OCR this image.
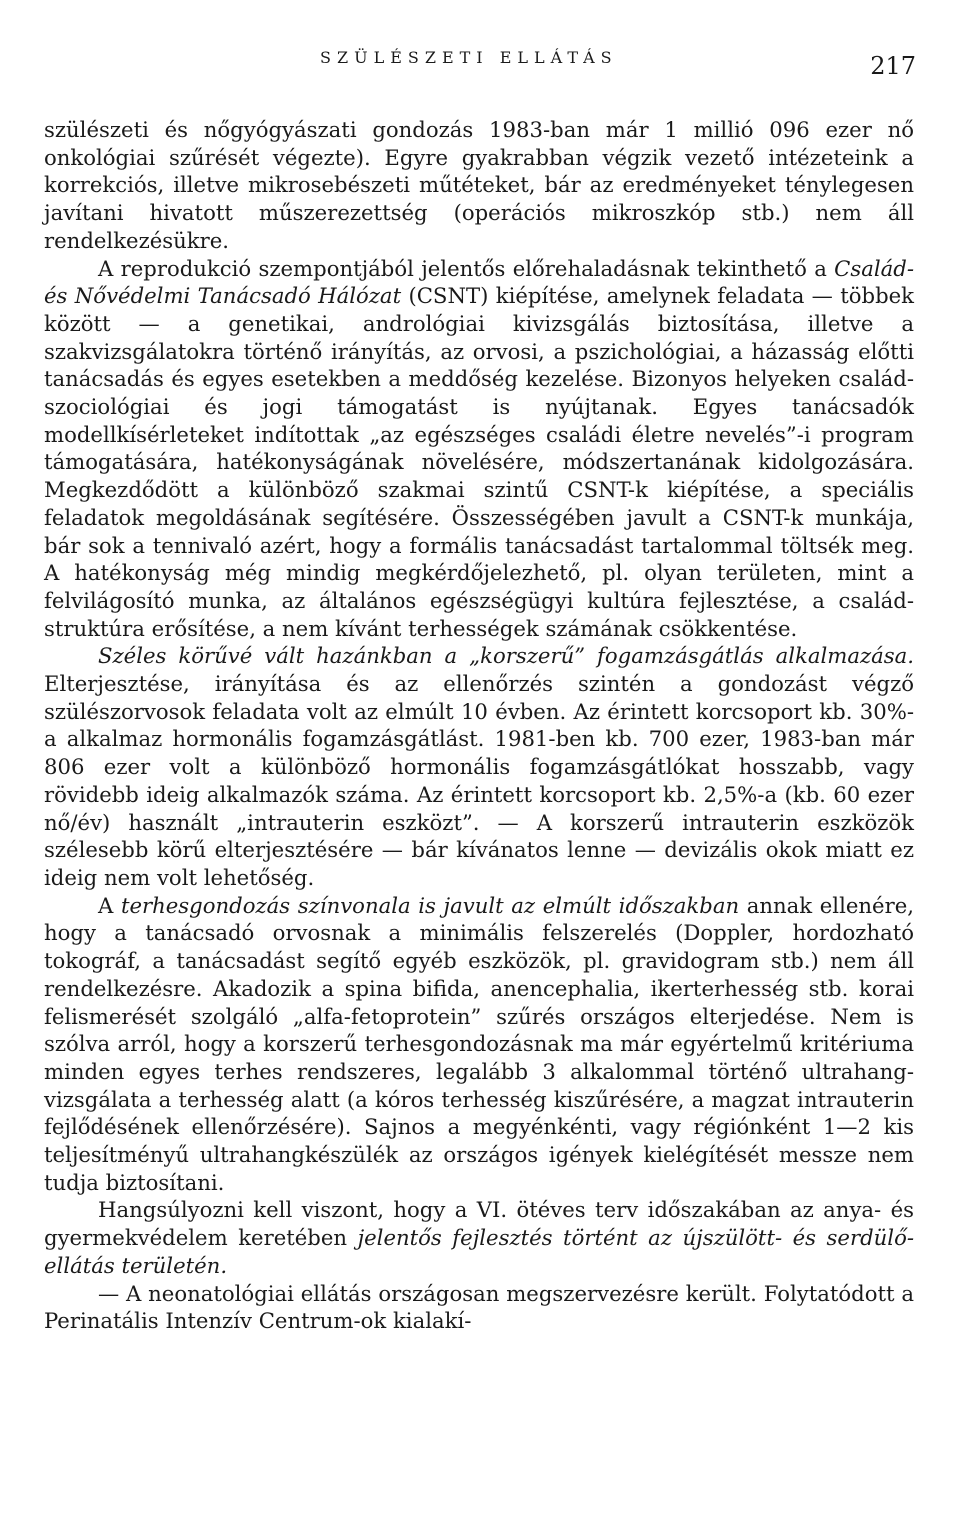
SZÜLÉSZETI ELLÁTÁS	217

szülészeti és nőgyógyászati gondozás 1983-ban már 1 millió 096 ezer nő onkológiai szűrését végezte). Egyre gyakrabban végzik vezető intézeteink a korrekciós, illetve mikrosebészeti műtéteket, bár az eredményeket ténylegesen javítani hivatott műszerezettség (operációs mikroszkóp stb.) nem áll rendelkezésükre.

A reprodukció szempontjából jelentős előrehaladásnak tekinthető a Család- és Nővédelmi Tanácsadó Hálózat (CSNT) kiépítése, amelynek feladata — többek között — a genetikai, andrológiai kivizsgálás biztosítása, illetve a szakvizsgálatokra történő irányítás, az orvosi, a pszichológiai, a házasság előtti tanácsadás és egyes esetekben a meddőség kezelése. Bizonyos helyeken család-szociológiai és jogi támogatást is nyújtanak. Egyes tanácsadók modellkísérleteket indítottak „az egészséges családi életre nevelés”-i program támogatására, hatékonyságának növelésére, módszertanának kidolgozására. Megkezdődött a különböző szakmai szintű CSNT-k kiépítése, a speciális feladatok megoldásának segítésére. Összességében javult a CSNT-k munkája, bár sok a tennivaló azért, hogy a formális tanácsadást tartalommal töltsék meg. A hatékonyság még mindig megkérdőjelezhető, pl. olyan területen, mint a felvilágosító munka, az általános egészségügyi kultúra fejlesztése, a család-struktúra erősítése, a nem kívánt terhességek számának csökkentése.

Széles körűvé vált hazánkban a „korszerű” fogamzásgátlás alkalmazása. Elterjesztése, irányítása és az ellenőrzés szintén a gondozást végző szülészorvosok feladata volt az elmúlt 10 évben. Az érintett korcsoport kb. 30%-a alkalmaz hormonális fogamzásgátlást. 1981-ben kb. 700 ezer, 1983-ban már 806 ezer volt a különböző hormonális fogamzásgátlókat hosszabb, vagy rövidebb ideig alkalmazók száma. Az érintett korcsoport kb. 2,5%-a (kb. 60 ezer nő/év) használt „intrauterin eszközt”. — A korszerű intrauterin eszközök szélesebb körű elterjesztésére — bár kívánatos lenne — devizális okok miatt ez ideig nem volt lehetőség.

A terhesgondozás színvonala is javult az elmúlt időszakban annak ellenére, hogy a tanácsadó orvosnak a minimális felszerelés (Doppler, hordozható tokográf, a tanácsadást segítő egyéb eszközök, pl. gravidogram stb.) nem áll rendelkezésre. Akadozik a spina bifida, anencephalia, ikerterhesség stb. korai felismerését szolgáló „alfa-fetoprotein” szűrés országos elterjedése. Nem is szólva arról, hogy a korszerű terhesgondozásnak ma már egyértelmű kritériuma minden egyes terhes rendszeres, legalább 3 alkalommal történő ultrahang-vizsgálata a terhesség alatt (a kóros terhesség kiszűrésére, a magzat intrauterin fejlődésének ellenőrzésére). Sajnos a megyénkénti, vagy régiónként 1—2 kis teljesítményű ultrahangkészülék az országos igények kielégítését messze nem tudja biztosítani.

Hangsúlyozni kell viszont, hogy a VI. ötéves terv időszakában az anya- és gyermekvédelem keretében jelentős fejlesztés történt az újszülött- és serdülő-ellátás területén.

— A neonatológiai ellátás országosan megszervezésre került. Folytatódott a Perinatális Intenzív Centrum-ok kialakí-
